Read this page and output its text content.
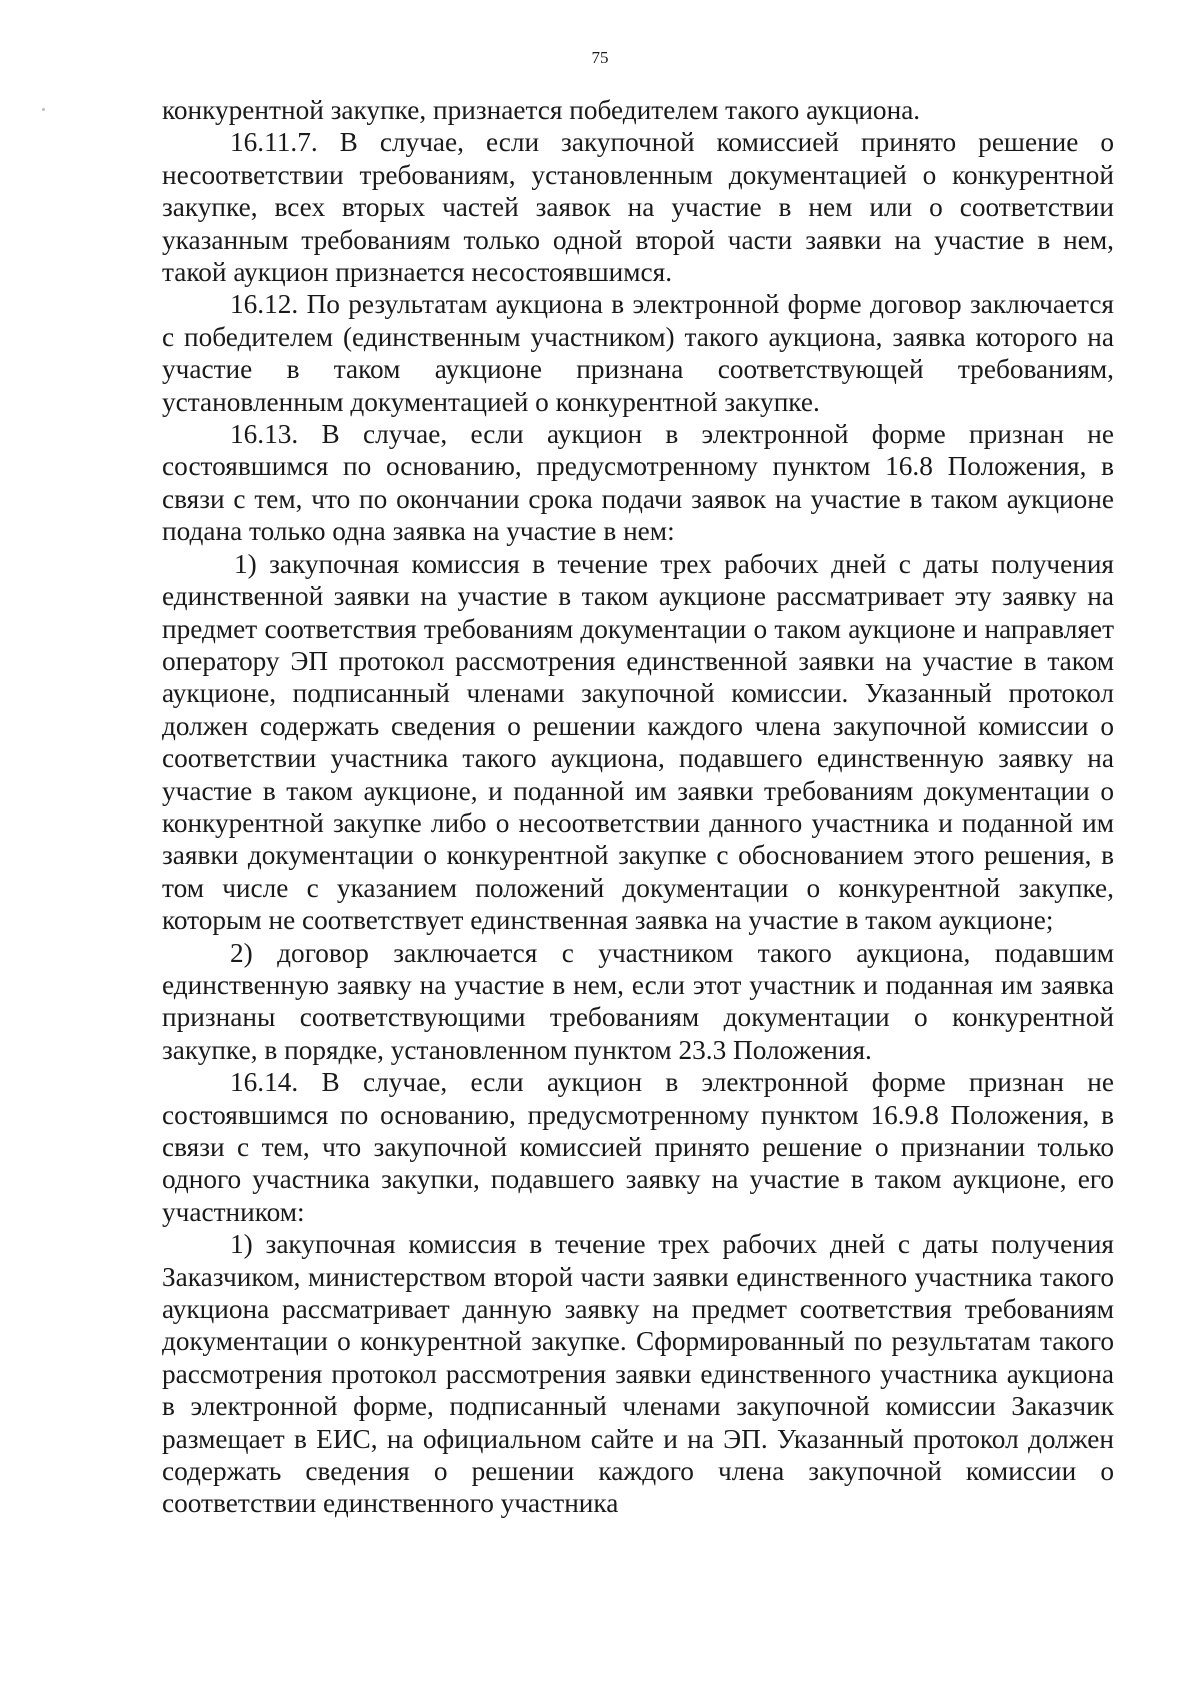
75

конкурентной закупке, признается победителем такого аукциона.

16.11.7. В случае, если закупочной комиссией принято решение о несоответствии требованиям, установленным документацией о конкурентной закупке, всех вторых частей заявок на участие в нем или о соответствии указанным требованиям только одной второй части заявки на участие в нем, такой аукцион признается несостоявшимся.

16.12. По результатам аукциона в электронной форме договор заключается с победителем (единственным участником) такого аукциона, заявка которого на участие в таком аукционе признана соответствующей требованиям, установленным документацией о конкурентной закупке.

16.13. В случае, если аукцион в электронной форме признан не состоявшимся по основанию, предусмотренному пунктом 16.8 Положения, в связи с тем, что по окончании срока подачи заявок на участие в таком аукционе подана только одна заявка на участие в нем:

1) закупочная комиссия в течение трех рабочих дней с даты получения единственной заявки на участие в таком аукционе рассматривает эту заявку на предмет соответствия требованиям документации о таком аукционе и направляет оператору ЭП протокол рассмотрения единственной заявки на участие в таком аукционе, подписанный членами закупочной комиссии. Указанный протокол должен содержать сведения о решении каждого члена закупочной комиссии о соответствии участника такого аукциона, подавшего единственную заявку на участие в таком аукционе, и поданной им заявки требованиям документации о конкурентной закупке либо о несоответствии данного участника и поданной им заявки документации о конкурентной закупке с обоснованием этого решения, в том числе с указанием положений документации о конкурентной закупке, которым не соответствует единственная заявка на участие в таком аукционе;

2) договор заключается с участником такого аукциона, подавшим единственную заявку на участие в нем, если этот участник и поданная им заявка признаны соответствующими требованиям документации о конкурентной закупке, в порядке, установленном пунктом 23.3 Положения.

16.14. В случае, если аукцион в электронной форме признан не состоявшимся по основанию, предусмотренному пунктом 16.9.8 Положения, в связи с тем, что закупочной комиссией принято решение о признании только одного участника закупки, подавшего заявку на участие в таком аукционе, его участником:

1) закупочная комиссия в течение трех рабочих дней с даты получения Заказчиком, министерством второй части заявки единственного участника такого аукциона рассматривает данную заявку на предмет соответствия требованиям документации о конкурентной закупке. Сформированный по результатам такого рассмотрения протокол рассмотрения заявки единственного участника аукциона в электронной форме, подписанный членами закупочной комиссии Заказчик размещает в ЕИС, на официальном сайте и на ЭП. Указанный протокол должен содержать сведения о решении каждого члена закупочной комиссии о соответствии единственного участника
